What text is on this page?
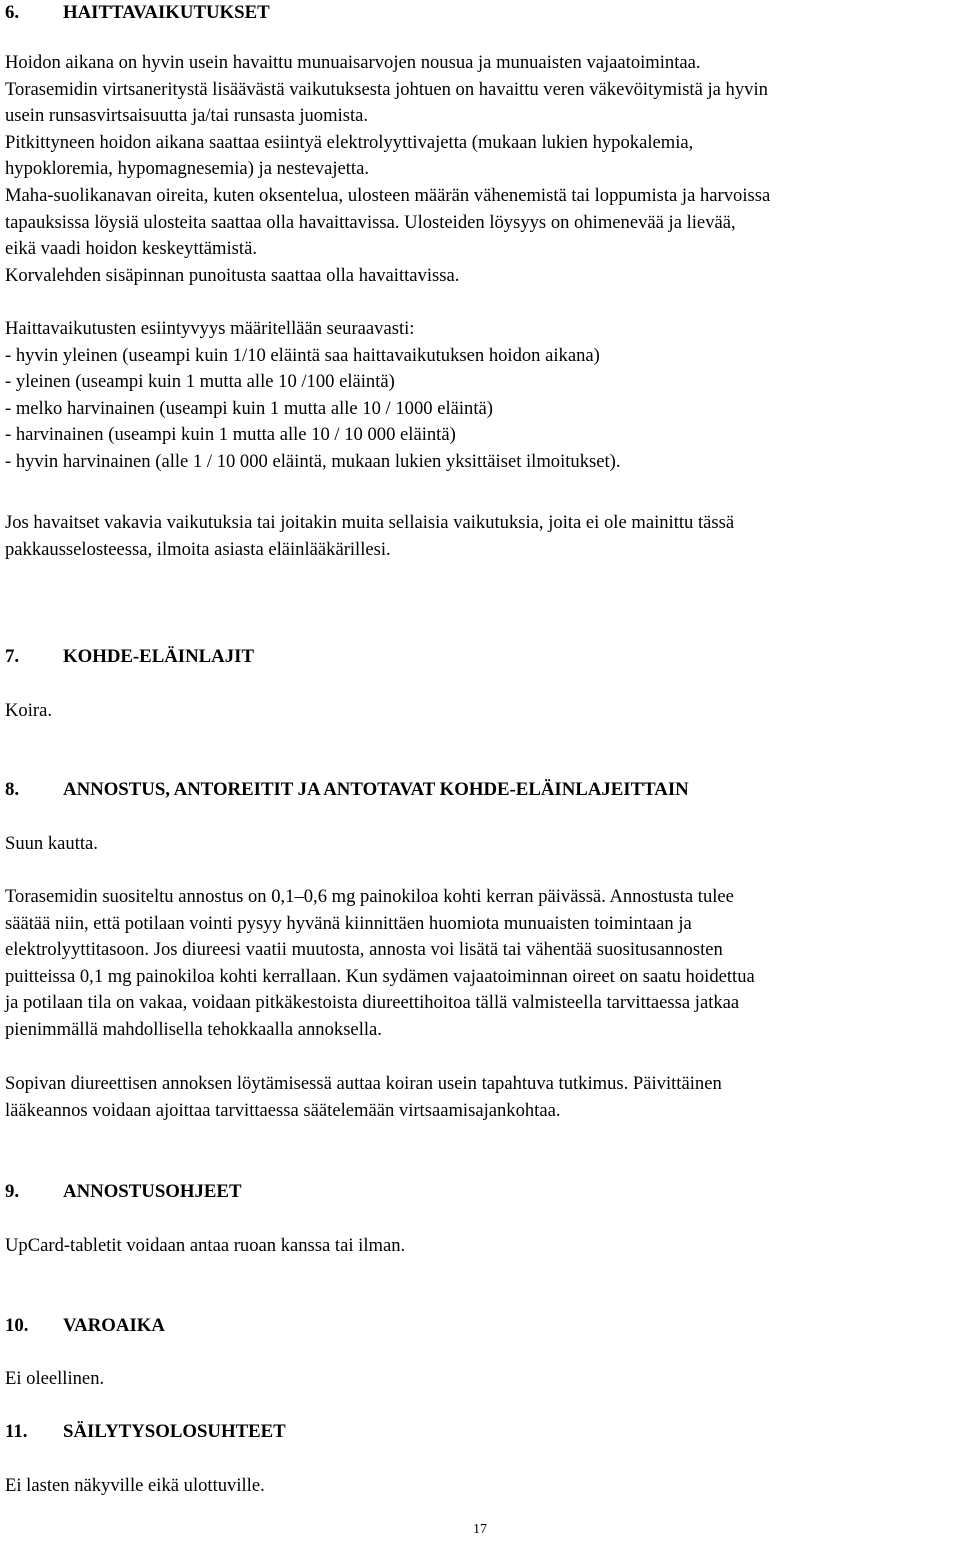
6. HAITTAVAIKUTUKSET
Hoidon aikana on hyvin usein havaittu munuaisarvojen nousua ja munuaisten vajaatoimintaa.
Torasemidin virtsaneritystä lisäävästä vaikutuksesta johtuen on havaittu veren väkevöitymistä ja hyvin
usein runsasvirtsaisuutta ja/tai runsasta juomista.
Pitkittyneen hoidon aikana saattaa esiintyä elektrolyyttivajetta (mukaan lukien hypokalemia,
hypokloremia, hypomagnesemia) ja nestevajetta.
Maha-suolikanavan oireita, kuten oksentelua, ulosteen määrän vähenemistä tai loppumista ja harvoissa
tapauksissa löysiä ulosteita saattaa olla havaittavissa. Ulosteiden löysyys on ohimenevää ja lievää,
eikä vaadi hoidon keskeyttämistä.
Korvalehden sisäpinnan punoitusta saattaa olla havaittavissa.
Haittavaikutusten esiintyvyys määritellään seuraavasti:
- hyvin yleinen (useampi kuin 1/10 eläintä saa haittavaikutuksen hoidon aikana)
- yleinen (useampi kuin 1 mutta alle 10 /100 eläintä)
- melko harvinainen (useampi kuin 1 mutta alle 10 / 1000 eläintä)
- harvinainen (useampi kuin 1 mutta alle 10 / 10 000 eläintä)
- hyvin harvinainen (alle 1 / 10 000 eläintä, mukaan lukien yksittäiset ilmoitukset).
Jos havaitset vakavia vaikutuksia tai joitakin muita sellaisia vaikutuksia, joita ei ole mainittu tässä
pakkausselosteessa, ilmoita asiasta eläinlääkärillesi.
7. KOHDE-ELÄINLAJIT
Koira.
8. ANNOSTUS, ANTOREITIT JA ANTOTAVAT KOHDE-ELÄINLAJEITTAIN
Suun kautta.
Torasemidin suositeltu annostus on 0,1–0,6 mg painokiloa kohti kerran päivässä. Annostusta tulee
säätää niin, että potilaan vointi pysyy hyvänä kiinnittäen huomiota munuaisten toimintaan ja
elektrolyyttitasoon. Jos diureesi vaatii muutosta, annosta voi lisätä tai vähentää suositusannosten
puitteissa 0,1 mg painokiloa kohti kerrallaan. Kun sydämen vajaatoiminnan oireet on saatu hoidettua
ja potilaan tila on vakaa, voidaan pitkäkestoista diureettihoitoa tällä valmisteella tarvittaessa jatkaa
pienimmällä mahdollisella tehokkaalla annoksella.
Sopivan diureettisen annoksen löytämisessä auttaa koiran usein tapahtuva tutkimus. Päivittäinen
lääkeannos voidaan ajoittaa tarvittaessa säätelemään virtsaamisajankohtaa.
9. ANNOSTUSOHJEET
UpCard-tabletit voidaan antaa ruoan kanssa tai ilman.
10. VAROAIKA
Ei oleellinen.
11. SÄILYTYSOLOSUHTEET
Ei lasten näkyville eikä ulottuville.
17
